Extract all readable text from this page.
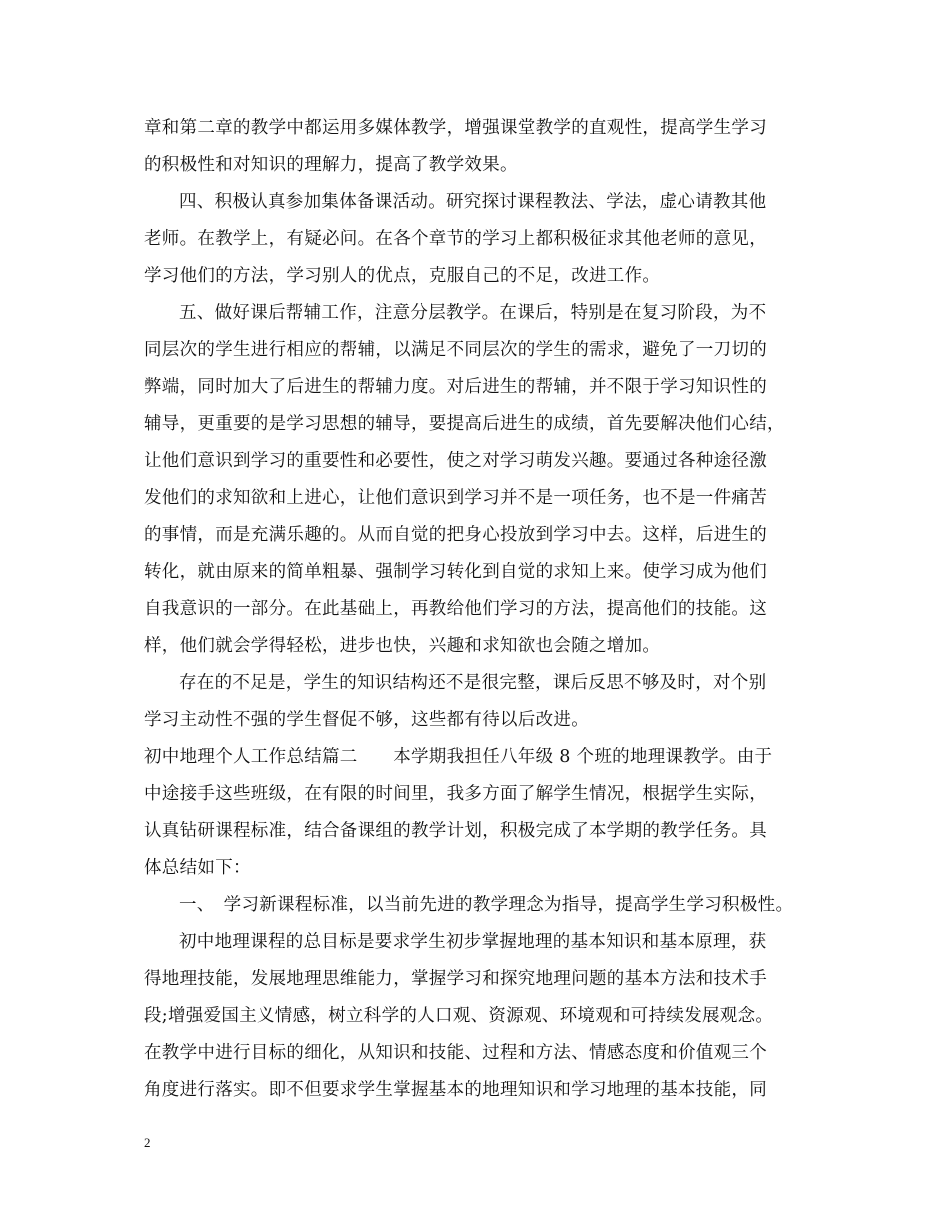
章和第二章的教学中都运用多媒体教学，增强课堂教学的直观性，提高学生学习
的积极性和对知识的理解力，提高了教学效果。
四、积极认真参加集体备课活动。研究探讨课程教法、学法，虚心请教其他
老师。在教学上，有疑必问。在各个章节的学习上都积极征求其他老师的意见，
学习他们的方法，学习别人的优点，克服自己的不足，改进工作。
五、做好课后帮辅工作，注意分层教学。在课后，特别是在复习阶段，为不
同层次的学生进行相应的帮辅，以满足不同层次的学生的需求，避免了一刀切的
弊端，同时加大了后进生的帮辅力度。对后进生的帮辅，并不限于学习知识性的
辅导，更重要的是学习思想的辅导，要提高后进生的成绩，首先要解决他们心结，
让他们意识到学习的重要性和必要性，使之对学习萌发兴趣。要通过各种途径激
发他们的求知欲和上进心，让他们意识到学习并不是一项任务，也不是一件痛苦
的事情，而是充满乐趣的。从而自觉的把身心投放到学习中去。这样，后进生的
转化，就由原来的简单粗暴、强制学习转化到自觉的求知上来。使学习成为他们
自我意识的一部分。在此基础上，再教给他们学习的方法，提高他们的技能。这
样，他们就会学得轻松，进步也快，兴趣和求知欲也会随之增加。
存在的不足是，学生的知识结构还不是很完整，课后反思不够及时，对个别
学习主动性不强的学生督促不够，这些都有待以后改进。
初中地理个人工作总结篇二　　本学期我担任八年级 8 个班的地理课教学。由于
中途接手这些班级，在有限的时间里，我多方面了解学生情况，根据学生实际，
认真钻研课程标准，结合备课组的教学计划，积极完成了本学期的教学任务。具
体总结如下：
一、　学习新课程标准，以当前先进的教学理念为指导，提高学生学习积极性。
初中地理课程的总目标是要求学生初步掌握地理的基本知识和基本原理，获
得地理技能，发展地理思维能力，掌握学习和探究地理问题的基本方法和技术手
段;增强爱国主义情感，树立科学的人口观、资源观、环境观和可持续发展观念。
在教学中进行目标的细化，从知识和技能、过程和方法、情感态度和价值观三个
角度进行落实。即不但要求学生掌握基本的地理知识和学习地理的基本技能，同
2
